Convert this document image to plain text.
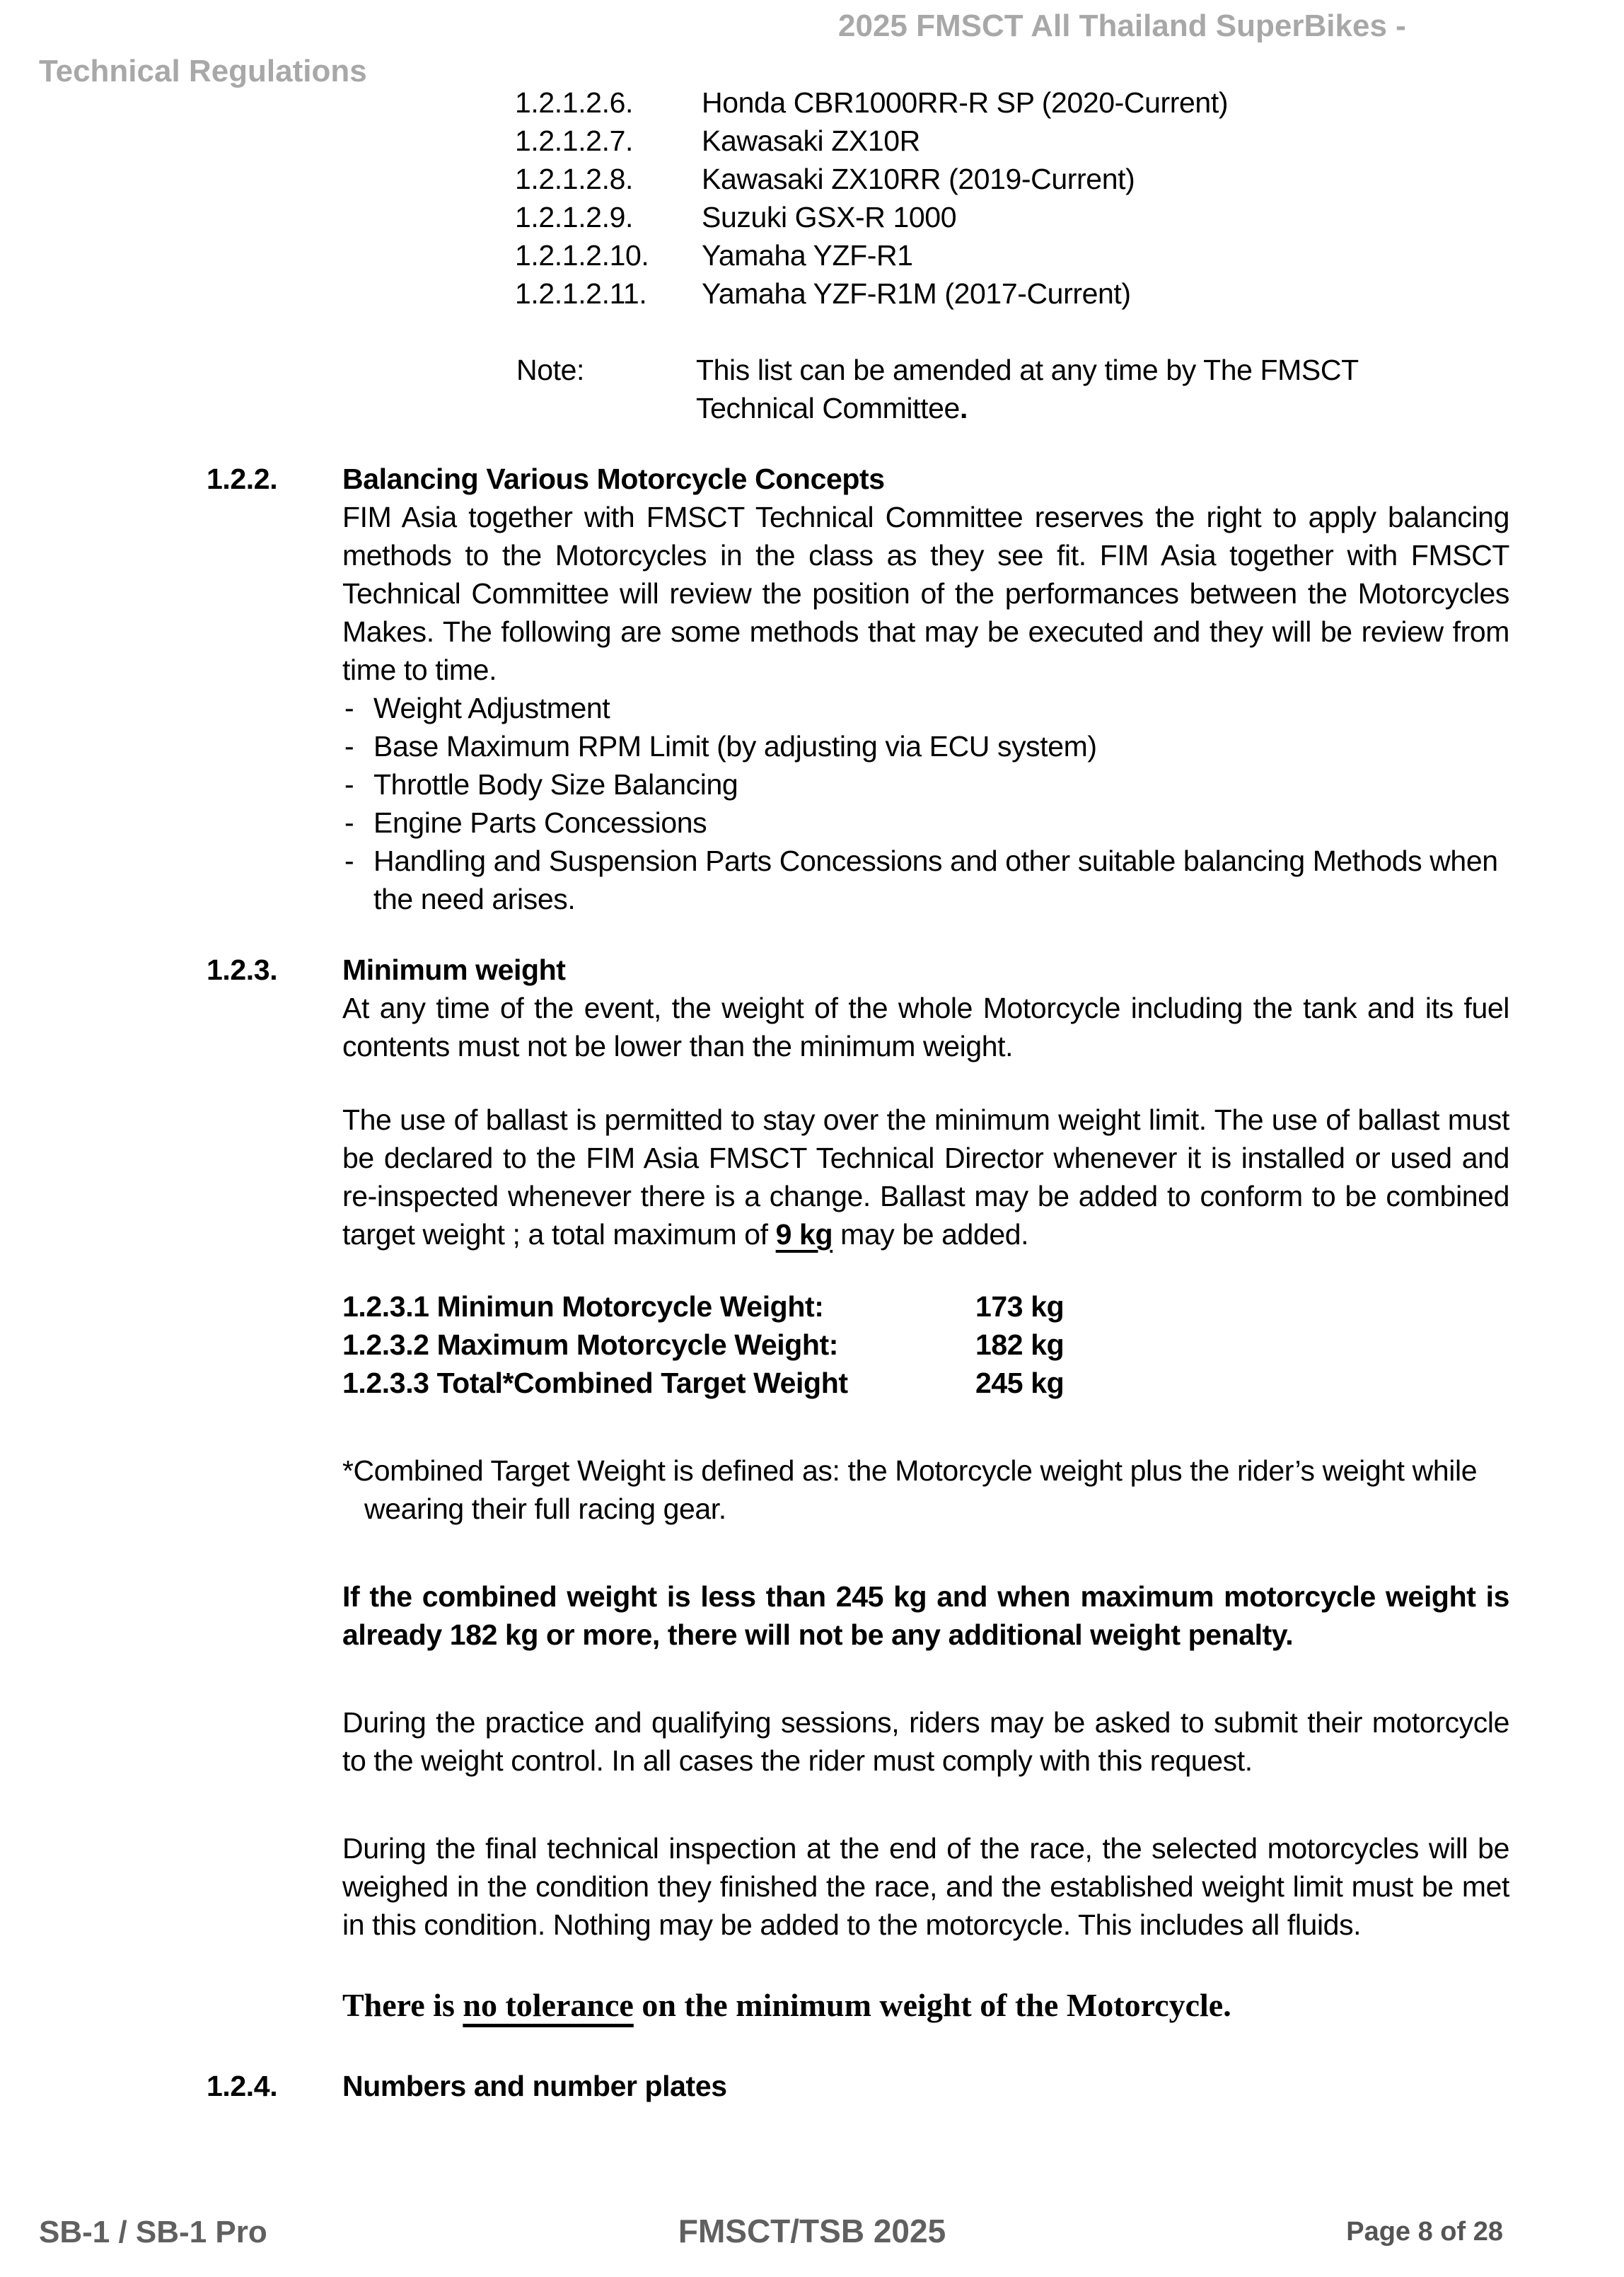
2025 FMSCT All Thailand SuperBikes -
Technical Regulations
1.2.1.2.6.	Honda CBR1000RR-R SP (2020-Current)
1.2.1.2.7.	Kawasaki ZX10R
1.2.1.2.8.	Kawasaki ZX10RR (2019-Current)
1.2.1.2.9.	Suzuki GSX-R 1000
1.2.1.2.10.	Yamaha YZF-R1
1.2.1.2.11.	Yamaha YZF-R1M (2017-Current)
Note:	This list can be amended at any time by The FMSCT Technical Committee.
1.2.2.	Balancing Various Motorcycle Concepts
FIM Asia together with FMSCT Technical Committee reserves the right to apply balancing methods to the Motorcycles in the class as they see fit. FIM Asia together with FMSCT Technical Committee will review the position of the performances between the Motorcycles Makes. The following are some methods that may be executed and they will be review from time to time.
- Weight Adjustment
- Base Maximum RPM Limit (by adjusting via ECU system)
- Throttle Body Size Balancing
- Engine Parts Concessions
- Handling and Suspension Parts Concessions and other suitable balancing Methods when the need arises.
1.2.3.	Minimum weight
At any time of the event, the weight of the whole Motorcycle including the tank and its fuel contents must not be lower than the minimum weight.
The use of ballast is permitted to stay over the minimum weight limit. The use of ballast must be declared to the FIM Asia FMSCT Technical Director whenever it is installed or used and re-inspected whenever there is a change. Ballast may be added to conform to be combined target weight ; a total maximum of 9 kg may be added.
1.2.3.1 Minimun Motorcycle Weight:	173 kg
1.2.3.2 Maximum Motorcycle Weight:	182 kg
1.2.3.3 Total*Combined Target Weight	245 kg
*Combined Target Weight is defined as: the Motorcycle weight plus the rider’s weight while wearing their full racing gear.
If the combined weight is less than 245 kg and when maximum motorcycle weight is already 182 kg or more, there will not be any additional weight penalty.
During the practice and qualifying sessions, riders may be asked to submit their motorcycle to the weight control. In all cases the rider must comply with this request.
During the final technical inspection at the end of the race, the selected motorcycles will be weighed in the condition they finished the race, and the established weight limit must be met in this condition. Nothing may be added to the motorcycle. This includes all fluids.
There is no tolerance on the minimum weight of the Motorcycle.
1.2.4.	Numbers and number plates
SB-1 / SB-1 Pro	FMSCT/TSB 2025	Page 8 of 28
